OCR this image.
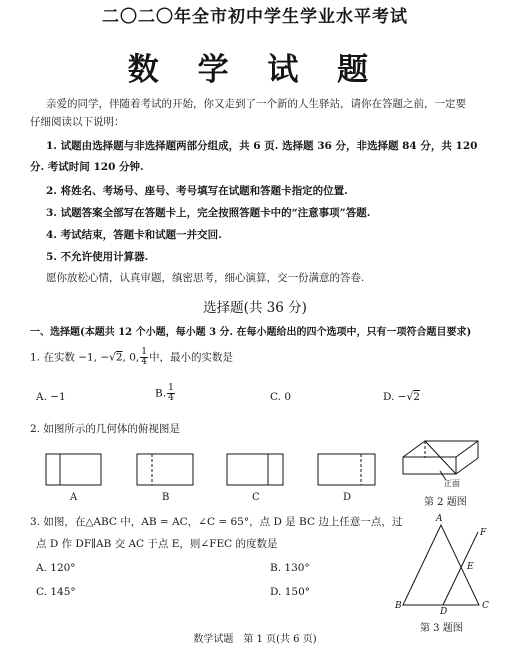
二〇二〇年全市初中学生学业水平考试
数 学 试 题
亲爱的同学，伴随着考试的开始，你又走到了一个新的人生驿站，请你在答题之前，一定要
仔细阅读以下说明：
1. 试题由选择题与非选择题两部分组成，共 6 页. 选择题 36 分，非选择题 84 分，共 120
分. 考试时间 120 分钟.
2. 将姓名、考场号、座号、考号填写在试题和答题卡指定的位置.
3. 试题答案全部写在答题卡上，完全按照答题卡中的“注意事项”答题.
4. 考试结束，答题卡和试题一并交回.
5. 不允许使用计算器.
愿你放松心情，认真审题，缜密思考，细心演算，交一份满意的答卷.
选择题(共 36 分)
一、选择题(本题共 12 个小题，每小题 3 分. 在每小题给出的四个选项中，只有一项符合题目要求)
1. 在实数 −1, −√2, 0, $\frac{1}{4}$ 中，最小的实数是
A. −1	B. $\frac{1}{4}$	C. 0	D. −√2
2. 如图所示的几何体的俯视图是
A	B	C	D
正面
第 2 题图
3. 如图，在△ABC 中，AB = AC，∠C = 65°，点 D 是 BC 边上任意一点，过
点 D 作 DF∥AB 交 AC 于点 E，则∠FEC 的度数是
A. 120°	B. 130°
C. 145°	D. 150°
A
B	C
D
E
F
第 3 题图
数学试题　第 1 页(共 6 页)
